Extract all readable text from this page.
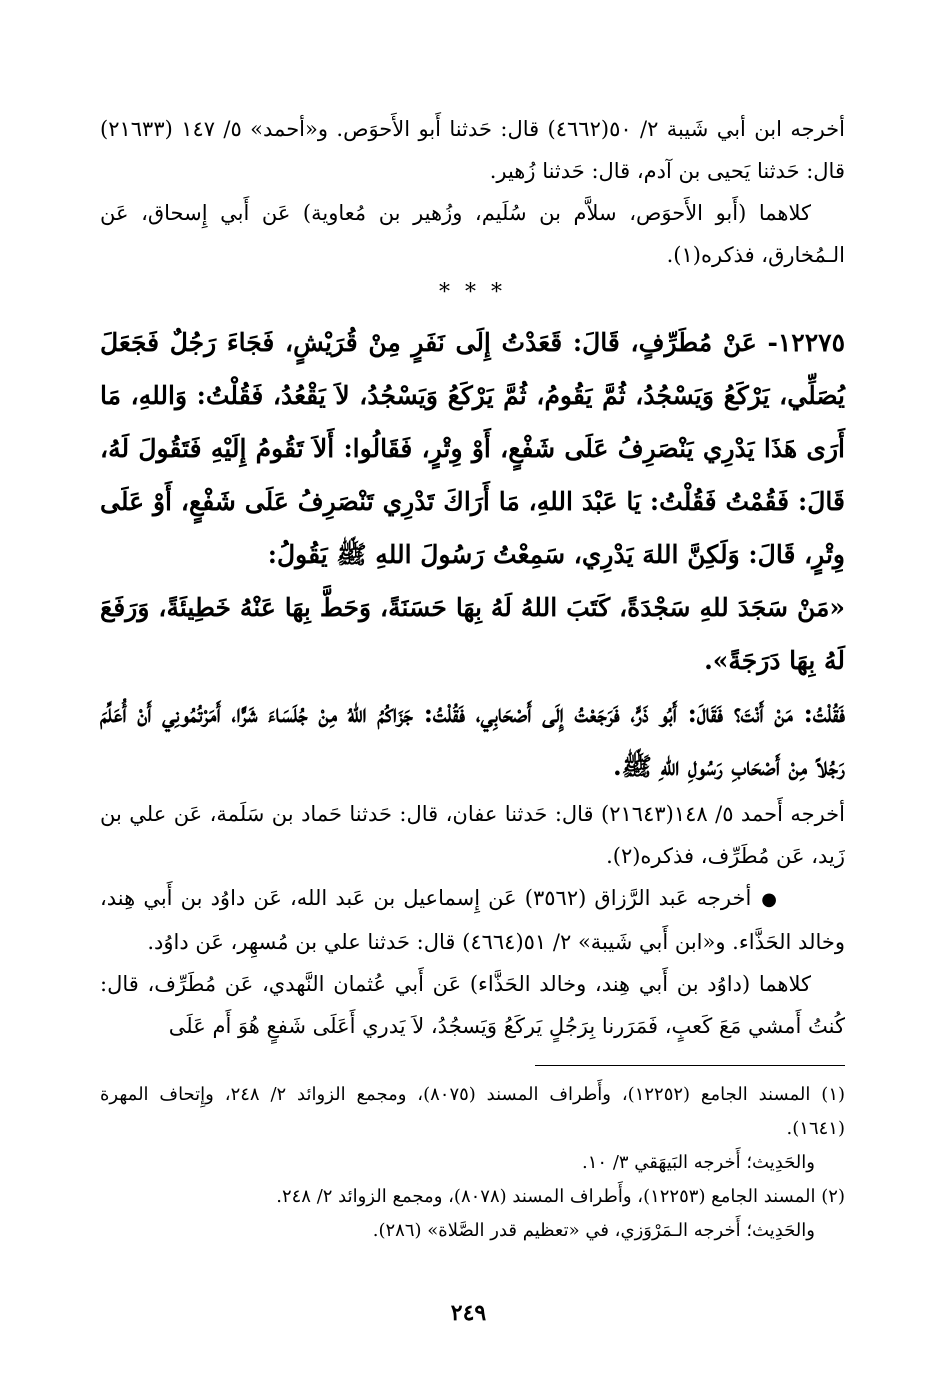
أخرجه ابن أبي شَيبة ٢/ ٥٠(٤٦٦٢) قال: حَدثنا أَبو الأَحوَص. و«أحمد» ٥/ ١٤٧ (٢١٦٣٣) قال: حَدثنا يَحيى بن آدم، قال: حَدثنا زُهير.

كلاهما (أَبو الأَحوَص، سلاَّم بن سُلَيم، وزُهير بن مُعاوية) عَن أَبي إِسحاق، عَن الـمُخارق، فذكره(١).

* * *

١٢٢٧٥- عَنْ مُطَرِّفٍ، قَالَ: قَعَدْتُ إِلَى نَفَرٍ مِنْ قُرَيْشٍ، فَجَاءَ رَجُلٌ فَجَعَلَ يُصَلِّي، يَرْكَعُ وَيَسْجُدُ، ثُمَّ يَقُومُ، ثُمَّ يَرْكَعُ وَيَسْجُدُ، لاَ يَقْعُدُ، فَقُلْتُ: وَاللهِ، مَا أَرَى هَذَا يَدْرِي يَنْصَرِفُ عَلَى شَفْعٍ، أَوْ وِتْرٍ، فَقَالُوا: أَلاَ تَقُومُ إِلَيْهِ فَتَقُولَ لَهُ، قَالَ: فَقُمْتُ فَقُلْتُ: يَا عَبْدَ اللهِ، مَا أَرَاكَ تَدْرِي تَنْصَرِفُ عَلَى شَفْعٍ، أَوْ عَلَى وِتْرٍ، قَالَ: وَلَكِنَّ اللهَ يَدْرِي، سَمِعْتُ رَسُولَ اللهِ ﷺ يَقُولُ:

«مَنْ سَجَدَ للهِ سَجْدَةً، كَتَبَ اللهُ لَهُ بِهَا حَسَنَةً، وَحَطَّ بِهَا عَنْهُ خَطِيئَةً، وَرَفَعَ لَهُ بِهَا دَرَجَةً».

فَقُلْتُ: مَنْ أَنْتَ؟ فَقَالَ: أَبُو ذَرٍّ، فَرَجَعْتُ إِلَى أَصْحَابِي، فَقُلْتُ: جَزَاكُمُ اللهُ مِنْ جُلَسَاءَ شَرًّا، أَمَرْتُمُونِي أَنْ أُعَلِّمَ رَجُلاً مِنْ أَصْحَابِ رَسُولِ اللهِ ﷺ.

أخرجه أَحمد ٥/ ١٤٨(٢١٦٤٣) قال: حَدثنا عفان، قال: حَدثنا حَماد بن سَلَمة، عَن علي بن زَيد، عَن مُطَرِّف، فذكره(٢).

●أخرجه عَبد الرَّزاق (٣٥٦٢) عَن إِسماعيل بن عَبد الله، عَن داوُد بن أَبي هِند، وخالد الحَذَّاء. و«ابن أَبي شَيبة» ٢/ ٥١(٤٦٦٤) قال: حَدثنا علي بن مُسهِر، عَن داوُد.

كلاهما (داوُد بن أَبي هِند، وخالد الحَذَّاء) عَن أَبي عُثمان النَّهدي، عَن مُطَرِّف، قال: كُنتُ أَمشي مَعَ كَعبٍ، فَمَرَرنا بِرَجُلٍ يَركَعُ وَيَسجُدُ، لاَ يَدري أَعَلَى شَفعٍ هُوَ أَم عَلَى

(١) المسند الجامع (١٢٢٥٢)، وأَطراف المسند (٨٠٧٥)، ومجمع الزوائد ٢/ ٢٤٨، وإِتحاف المهرة (١٦٤١).

والحَدِيث؛ أَخرجه البَيهَقي ٣/ ١٠.

(٢) المسند الجامع (١٢٢٥٣)، وأَطراف المسند (٨٠٧٨)، ومجمع الزوائد ٢/ ٢٤٨.

والحَدِيث؛ أَخرجه الـمَرْوَزي، في «تعظيم قدر الصَّلاة» (٢٨٦).

٢٤٩
